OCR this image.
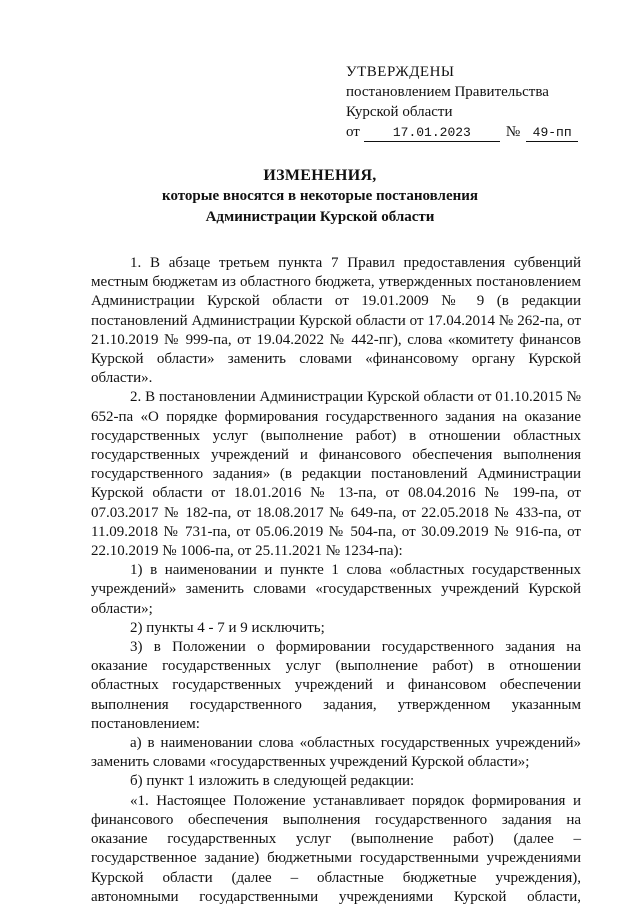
УТВЕРЖДЕНЫ
постановлением Правительства
Курской области
от	17.01.2023 № 49-пп
ИЗМЕНЕНИЯ,
которые вносятся в некоторые постановления
Администрации Курской области

1. В абзаце третьем пункта 7 Правил предоставления субвенций местным бюджетам из областного бюджета, утвержденных постановлением Администрации Курской области от 19.01.2009 № 9 (в редакции постановлений Администрации Курской области от 17.04.2014 № 262-па, от 21.10.2019 № 999-па, от 19.04.2022 № 442-пг), слова «комитету финансов Курской области» заменить словами «финансовому органу Курской области».

2. В постановлении Администрации Курской области от 01.10.2015 № 652-па «О порядке формирования государственного задания на оказание государственных услуг (выполнение работ) в отношении областных государственных учреждений и финансового обеспечения выполнения государственного задания» (в редакции постановлений Администрации Курской области от 18.01.2016 № 13-па, от 08.04.2016 № 199-па, от 07.03.2017 № 182-па, от 18.08.2017 № 649-па, от 22.05.2018 № 433-па, от 11.09.2018 № 731-па, от 05.06.2019 № 504-па, от 30.09.2019 № 916-па, от 22.10.2019 № 1006-па, от 25.11.2021 № 1234-па):

1) в наименовании и пункте 1 слова «областных государственных учреждений» заменить словами «государственных учреждений Курской области»;

2) пункты 4 - 7 и 9 исключить;

3) в Положении о формировании государственного задания на оказание государственных услуг (выполнение работ) в отношении областных государственных учреждений и финансовом обеспечении выполнения государственного задания, утвержденном указанным постановлением:

а) в наименовании слова «областных государственных учреждений» заменить словами «государственных учреждений Курской области»;

б) пункт 1 изложить в следующей редакции:

«1. Настоящее Положение устанавливает порядок формирования и финансового обеспечения выполнения государственного задания на оказание государственных услуг (выполнение работ) (далее – государственное задание) бюджетными государственными учреждениями Курской области (далее – областные бюджетные учреждения), автономными государственными учреждениями Курской области,
